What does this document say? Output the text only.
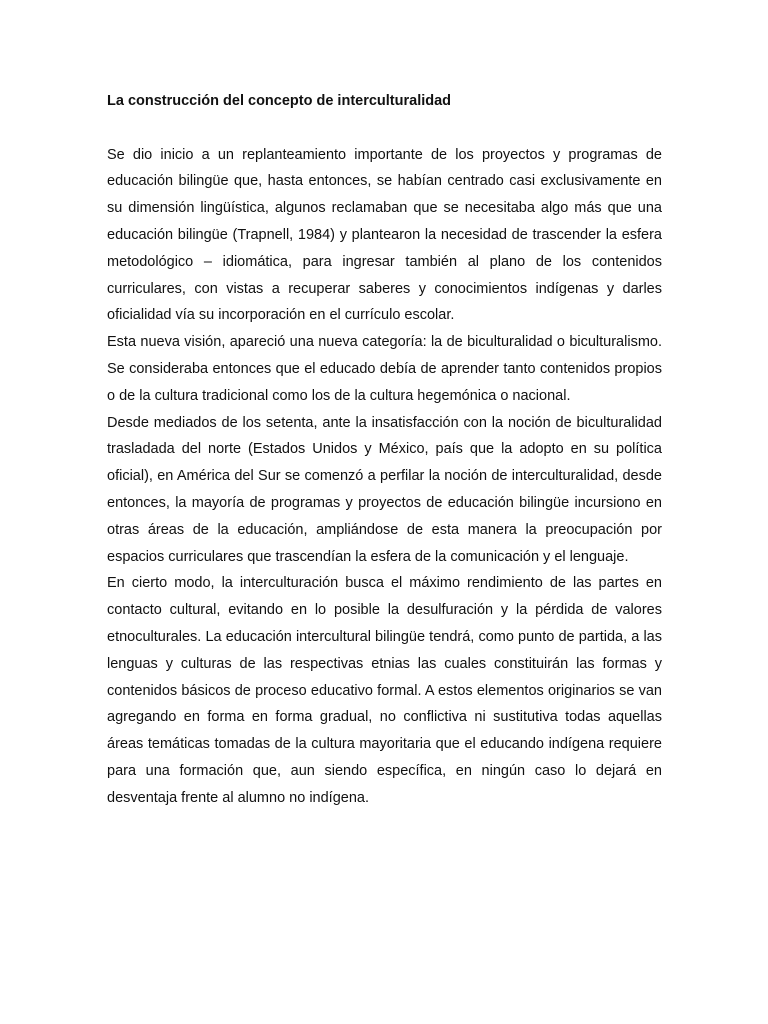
La construcción del concepto de interculturalidad

Se dio inicio a un replanteamiento importante de los proyectos y programas de educación bilingüe que, hasta entonces, se habían centrado casi exclusivamente en su dimensión lingüística, algunos reclamaban que se necesitaba algo más que una educación bilingüe (Trapnell, 1984) y plantearon la necesidad de trascender la esfera metodológico – idiomática, para ingresar también al plano de los contenidos curriculares, con vistas a recuperar saberes y conocimientos indígenas y darles oficialidad vía su incorporación en el currículo escolar.

Esta nueva visión, apareció una nueva categoría: la de biculturalidad o biculturalismo. Se consideraba entonces que el educado debía de aprender tanto contenidos propios o de la cultura tradicional como los de la cultura hegemónica o nacional.

Desde mediados de los setenta, ante la insatisfacción con la noción de biculturalidad trasladada del norte (Estados Unidos y México, país que la adopto en su política oficial), en América del Sur se comenzó a perfilar la noción de interculturalidad, desde entonces, la mayoría de programas y proyectos de educación bilingüe incursiono en otras áreas de la educación, ampliándose de esta manera la preocupación por espacios curriculares que trascendían la esfera de la comunicación y el lenguaje.

En cierto modo, la interculturación busca el máximo rendimiento de las partes en contacto cultural, evitando en lo posible la desulfuración y la pérdida de valores etnoculturales. La educación intercultural bilingüe tendrá, como punto de partida, a las lenguas y culturas de las respectivas etnias las cuales constituirán las formas y contenidos básicos de proceso educativo formal. A estos elementos originarios se van agregando en forma en forma gradual, no conflictiva ni sustitutiva todas aquellas áreas temáticas tomadas de la cultura mayoritaria que el educando indígena requiere para una formación que, aun siendo específica, en ningún caso lo dejará en desventaja frente al alumno no indígena.
